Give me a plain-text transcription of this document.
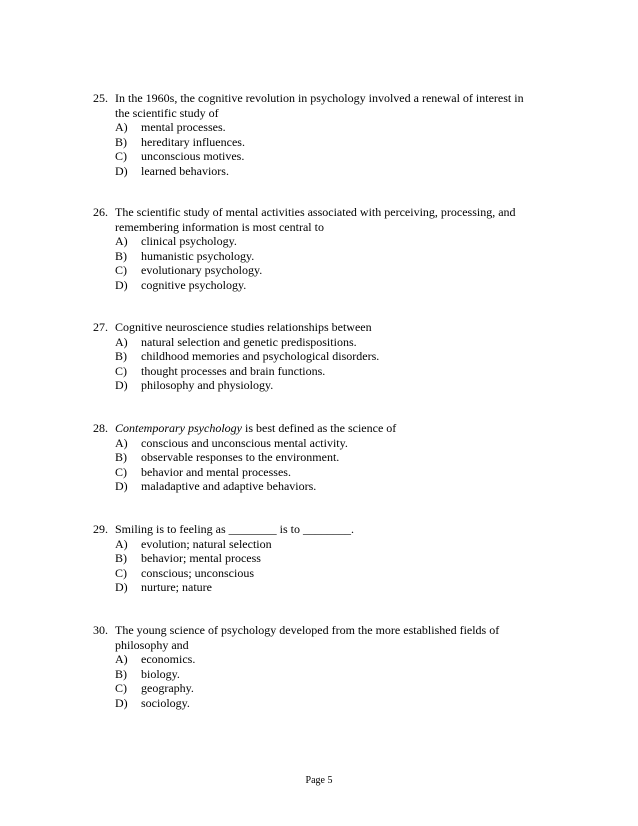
25. In the 1960s, the cognitive revolution in psychology involved a renewal of interest in
the scientific study of
A)	mental processes.
B)	hereditary influences.
C)	unconscious motives.
D)	learned behaviors.
26. The scientific study of mental activities associated with perceiving, processing, and
remembering information is most central to
A)	clinical psychology.
B)	humanistic psychology.
C)	evolutionary psychology.
D)	cognitive psychology.
27. Cognitive neuroscience studies relationships between
A)	natural selection and genetic predispositions.
B)	childhood memories and psychological disorders.
C)	thought processes and brain functions.
D)	philosophy and physiology.
28. Contemporary psychology is best defined as the science of
A)	conscious and unconscious mental activity.
B)	observable responses to the environment.
C)	behavior and mental processes.
D)	maladaptive and adaptive behaviors.
29. Smiling is to feeling as ________ is to ________.
A)	evolution; natural selection
B)	behavior; mental process
C)	conscious; unconscious
D)	nurture; nature
30. The young science of psychology developed from the more established fields of
philosophy and
A)	economics.
B)	biology.
C)	geography.
D)	sociology.
Page 5
